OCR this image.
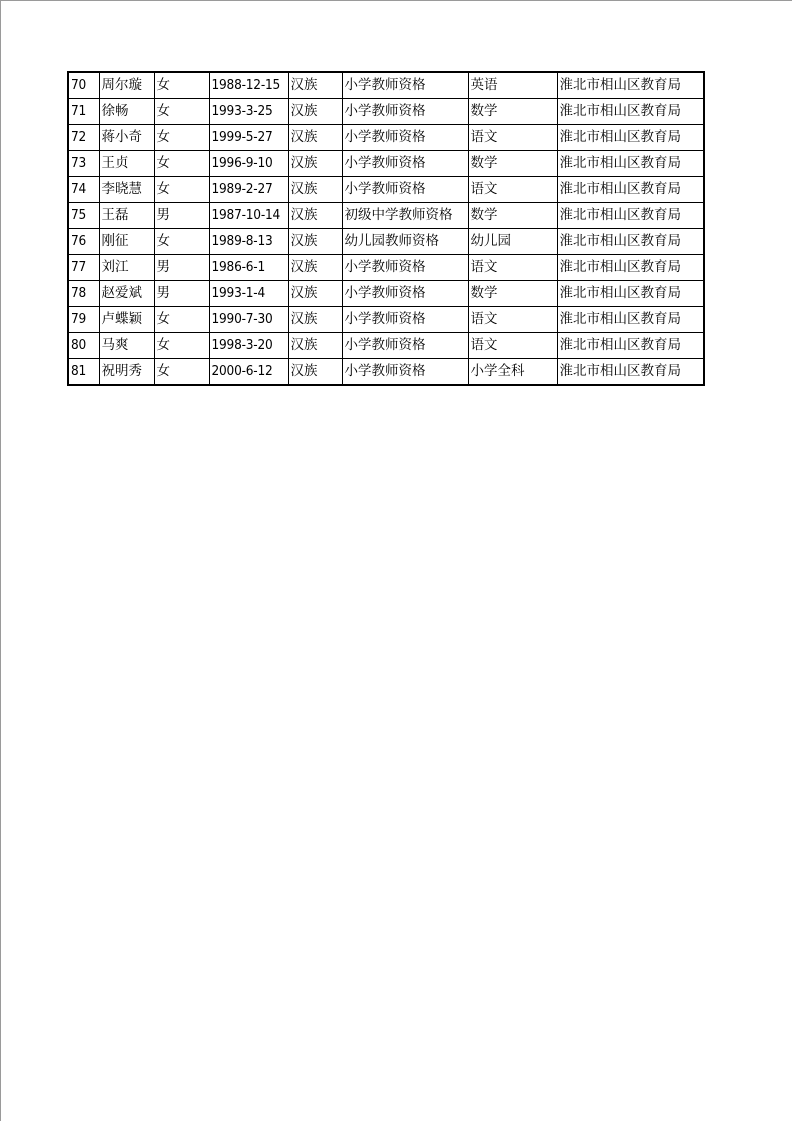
70	周尔璇	女	1988-12-15	汉族	小学教师资格	英语	淮北市相山区教育局
71	徐畅	女	1993-3-25	汉族	小学教师资格	数学	淮北市相山区教育局
72	蒋小奇	女	1999-5-27	汉族	小学教师资格	语文	淮北市相山区教育局
73	王贞	女	1996-9-10	汉族	小学教师资格	数学	淮北市相山区教育局
74	李晓慧	女	1989-2-27	汉族	小学教师资格	语文	淮北市相山区教育局
75	王磊	男	1987-10-14	汉族	初级中学教师资格	数学	淮北市相山区教育局
76	刚征	女	1989-8-13	汉族	幼儿园教师资格	幼儿园	淮北市相山区教育局
77	刘江	男	1986-6-1	汉族	小学教师资格	语文	淮北市相山区教育局
78	赵爱斌	男	1993-1-4	汉族	小学教师资格	数学	淮北市相山区教育局
79	卢蝶颖	女	1990-7-30	汉族	小学教师资格	语文	淮北市相山区教育局
80	马爽	女	1998-3-20	汉族	小学教师资格	语文	淮北市相山区教育局
81	祝明秀	女	2000-6-12	汉族	小学教师资格	小学全科	淮北市相山区教育局
